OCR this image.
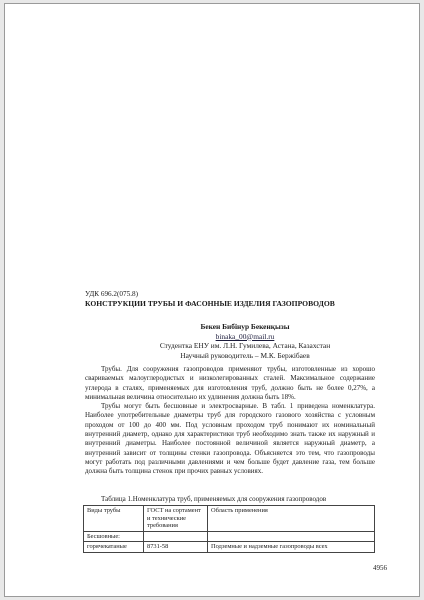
УДК 696.2(075.8)
КОНСТРУКЦИИ ТРУБЫ И ФАСОННЫЕ ИЗДЕЛИЯ ГАЗОПРОВОДОВ
Бекен Бибінур Бекенқызы
binaka_00@mail.ru
Студентка ЕНУ им. Л.Н. Гумилева, Астана, Казахстан
Научный руководитель – М.К. Бержібаев

Трубы. Для сооружения газопроводов применяют трубы, изготовленные из хорошо свариваемых малоуглеродистых и низколегированных сталей. Максимальное содержание углерода в сталях, применяемых для изготовления труб, должно быть не более 0,27%, а минимальная величина относительно их удлинения должна быть 18%.

Трубы могут быть бесшовные и электросварные. В табл. 1 приведена номенклатура. Наиболее употребительные диаметры труб для городского газового хозяйства с условным проходом от 100 до 400 мм. Под условным проходом труб понимают их номинальный внутренний диаметр, однако для характеристики труб необходимо знать также их наружный и внутренний диаметры. Наиболее постоянной величиной является наружный диаметр, а внутренний зависит от толщины стенки газопровода. Объясняется это тем, что газопроводы могут работать под различными давлениями и чем больше будет давление газа, тем больше должна быть толщина стенок при прочих равных условиях.

Таблица 1.Номенклатура труб, применяемых для сооружения газопроводов
Виды трубы	ГОСТ на сортамент и технические требования	Область применения
Бесшовные:		
горячекатаные	8731-58	Подземные и надземные газопроводы всех
4956
